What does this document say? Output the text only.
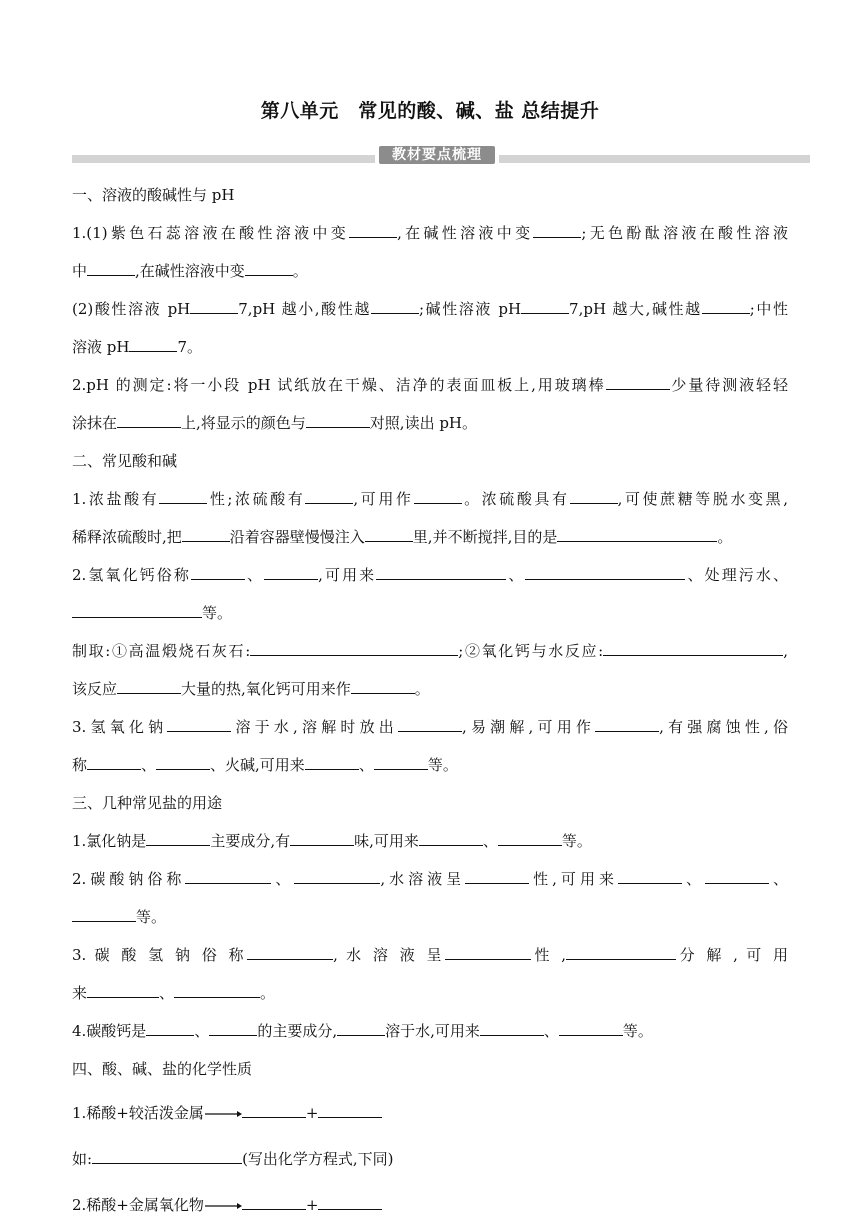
第八单元　常见的酸、碱、盐 总结提升
教材要点梳理

一、溶液的酸碱性与 pH

1.(1)紫色石蕊溶液在酸性溶液中变	,在碱性溶液中变	;无色酚酞溶液在酸性溶液

中	,在碱性溶液中变	。

(2)酸性溶液 pH	7,pH 越小,酸性越	;碱性溶液 pH	7,pH 越大,碱性越	;中性

溶液 pH	7。

2.pH 的测定:将一小段 pH 试纸放在干燥、洁净的表面皿板上,用玻璃棒	少量待测液轻轻

涂抹在	上,将显示的颜色与	对照,读出 pH。

二、常见酸和碱

1.浓盐酸有	性;浓硫酸有	,可用作	。浓硫酸具有	,可使蔗糖等脱水变黑,

稀释浓硫酸时,把	沿着容器壁慢慢注入	里,并不断搅拌,目的是	。

2.氢氧化钙俗称	、	,可用来	、	、处理污水、

等。

制取:①高温煅烧石灰石:	;②氧化钙与水反应:	,

该反应	大量的热,氧化钙可用来作	。

3.氢氧化钠	溶于水,溶解时放出	,易潮解,可用作	,有强腐蚀性,俗

称	、	、火碱,可用来	、	等。

三、几种常见盐的用途

1.氯化钠是	主要成分,有	味,可用来	、	等。

2.碳酸钠俗称	、	,水溶液呈	性,可用来	、	、

等。

3. 碳 酸 氢 钠 俗 称	, 水 溶 液 呈	性 ,	分 解 , 可 用

来	、	。

4.碳酸钙是	、	的主要成分,	溶于水,可用来	、	等。

四、酸、碱、盐的化学性质

1.稀酸+较活泼金属→	+

如:	(写出化学方程式,下同)

2.稀酸+金属氧化物→	+
